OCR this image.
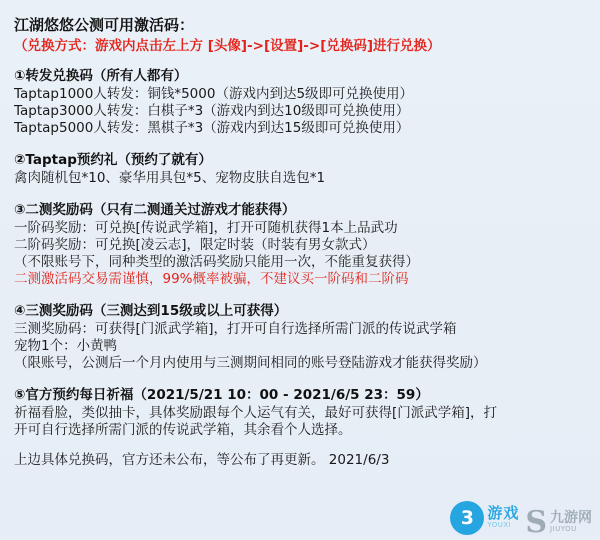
江湖悠悠公测可用激活码：
（兑换方式：游戏内点击左上方 [头像]->[设置]->[兑换码]进行兑换）
①转发兑换码（所有人都有）
Taptap1000人转发：铜钱*5000（游戏内到达5级即可兑换使用）
Taptap3000人转发：白棋子*3（游戏内到达10级即可兑换使用）
Taptap5000人转发：黑棋子*3（游戏内到达15级即可兑换使用）
②Taptap预约礼（预约了就有）
禽肉随机包*10、豪华用具包*5、宠物皮肤自选包*1
③二测奖励码（只有二测通关过游戏才能获得）
一阶码奖励：可兑换[传说武学箱]，打开可随机获得1本上品武功
二阶码奖励：可兑换[凌云志]，限定时装（时装有男女款式）
（不限账号下，同种类型的激活码奖励只能用一次，不能重复获得）
二测激活码交易需谨慎，99%概率被骗，不建议买一阶码和二阶码
④三测奖励码（三测达到15级或以上可获得）
三测奖励码：可获得[门派武学箱]，打开可自行选择所需门派的传说武学箱
宠物1个：小黄鸭
（限账号，公测后一个月内使用与三测期间相同的账号登陆游戏才能获得奖励）
⑤官方预约每日祈福（2021/5/21 10：00 - 2021/6/5 23：59）
祈福看脸，类似抽卡，具体奖励跟每个人运气有关，最好可获得[门派武学箱]，打
开可自行选择所需门派的传说武学箱，其余看个人选择。
上边具体兑换码，官方还未公布，等公布了再更新。 2021/6/3
3 游戏
YOUXI S 九游网
JIUYOU
